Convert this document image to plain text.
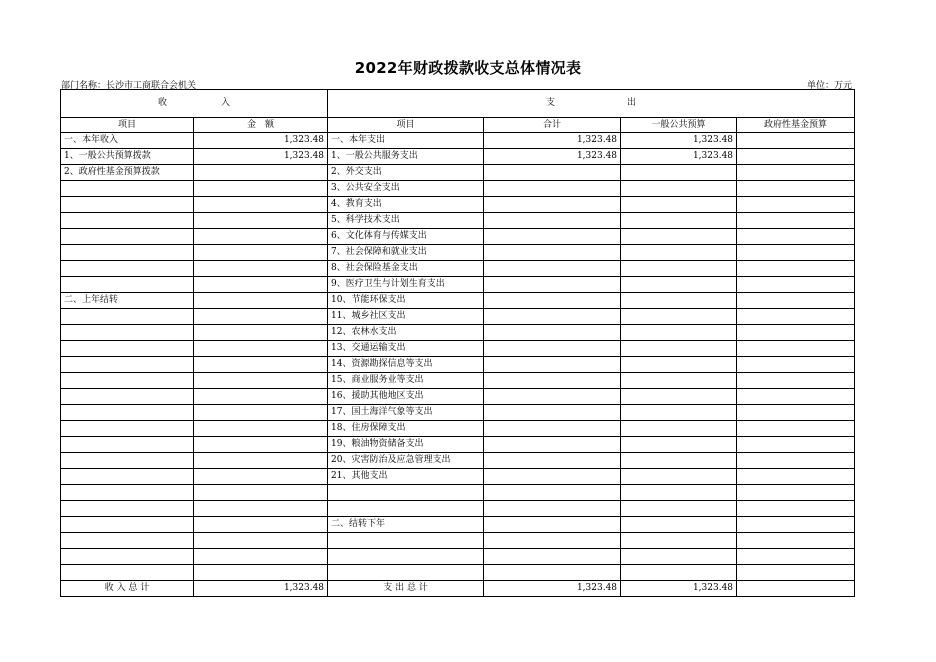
2022年财政拨款收支总体情况表
部门名称：长沙市工商联合会机关	单位：万元
收　　　　　　入		支　　　　　　　　出			
项目	金　额	项目	合计	一般公共预算	政府性基金预算
一、本年收入	1,323.48	一、本年支出	1,323.48	1,323.48	
1、一般公共预算拨款	1,323.48	1、一般公共服务支出	1,323.48	1,323.48	
2、政府性基金预算拨款		2、外交支出			
		3、公共安全支出			
		4、教育支出			
		5、科学技术支出			
		6、文化体育与传媒支出			
		7、社会保障和就业支出			
		8、社会保险基金支出			
		9、医疗卫生与计划生育支出			
二、上年结转		10、节能环保支出			
		11、城乡社区支出			
		12、农林水支出			
		13、交通运输支出			
		14、资源勘探信息等支出			
		15、商业服务业等支出			
		16、援助其他地区支出			
		17、国土海洋气象等支出			
		18、住房保障支出			
		19、粮油物资储备支出			
		20、灾害防治及应急管理支出			
		21、其他支出			

		二、结转下年			

收 入 总 计	1,323.48	支 出 总 计	1,323.48	1,323.48	
